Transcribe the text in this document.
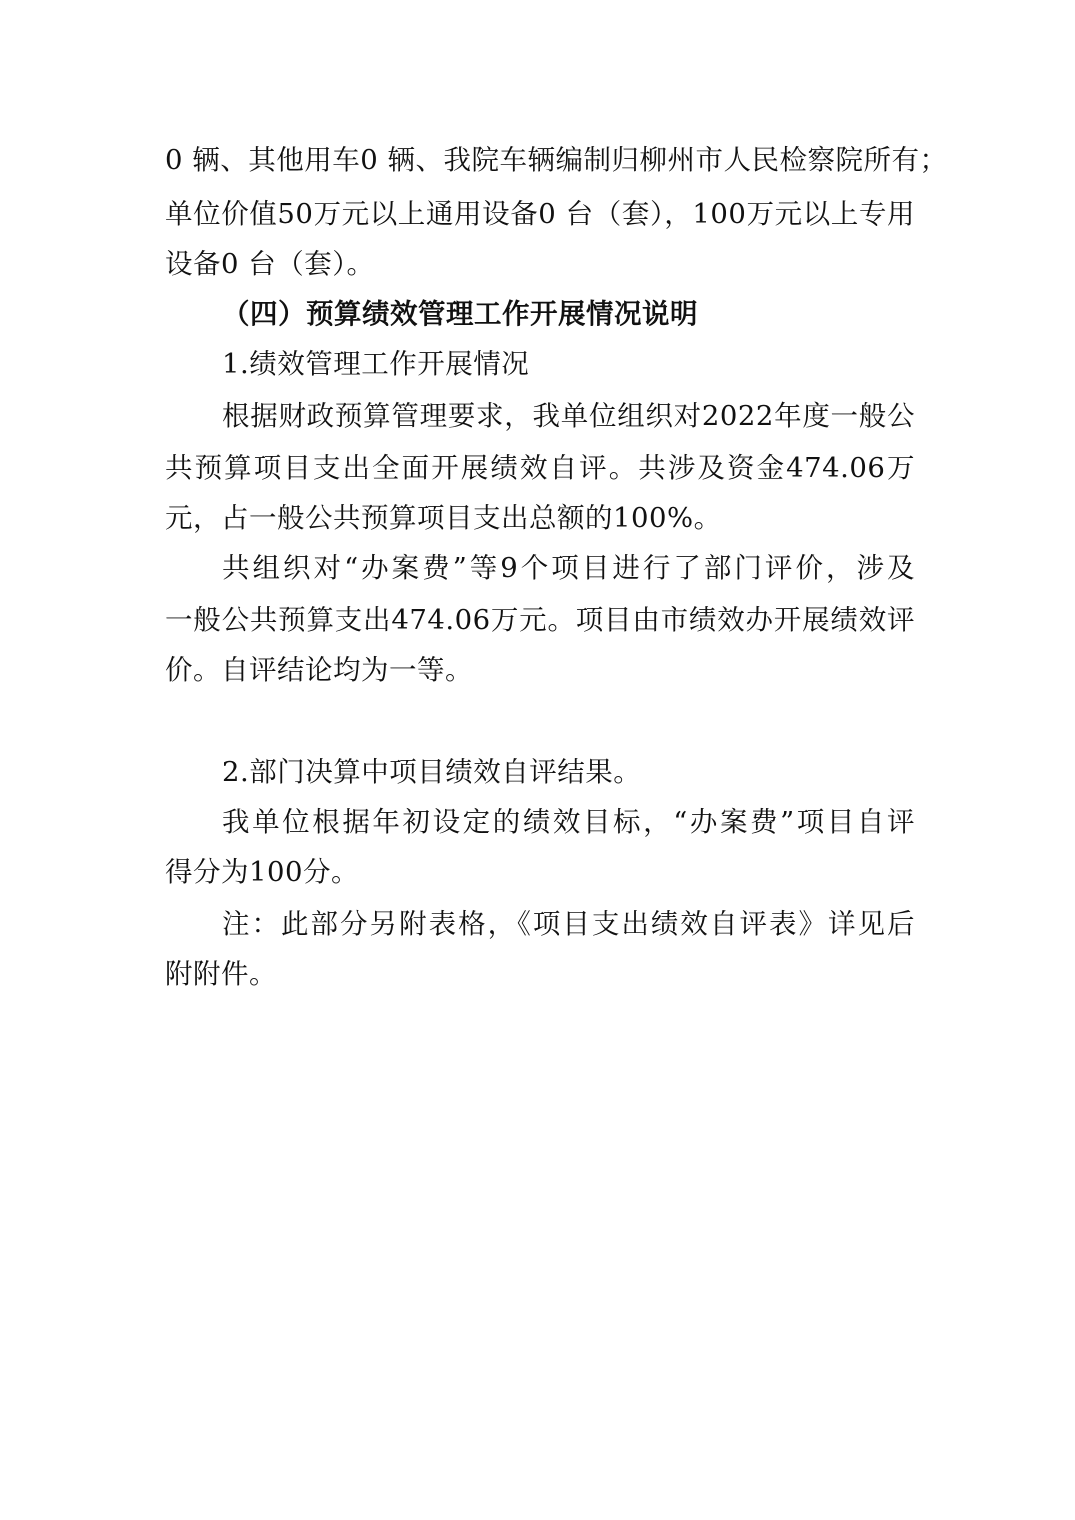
0 辆、其他用车0 辆、我院车辆编制归柳州市人民检察院所有；
单位价值50万元以上通用设备0 台（套），100万元以上专用
设备0 台（套）。
（四）预算绩效管理工作开展情况说明
1.绩效管理工作开展情况
根据财政预算管理要求，我单位组织对2022年度一般公
共预算项目支出全面开展绩效自评。共涉及资金474.06万
元，占一般公共预算项目支出总额的100%。
共组织对“办案费”等9个项目进行了部门评价，涉及
一般公共预算支出474.06万元。项目由市绩效办开展绩效评
价。自评结论均为一等。
2.部门决算中项目绩效自评结果。
我单位根据年初设定的绩效目标，“办案费”项目自评
得分为100分。
注：此部分另附表格，《项目支出绩效自评表》详见后
附附件。
